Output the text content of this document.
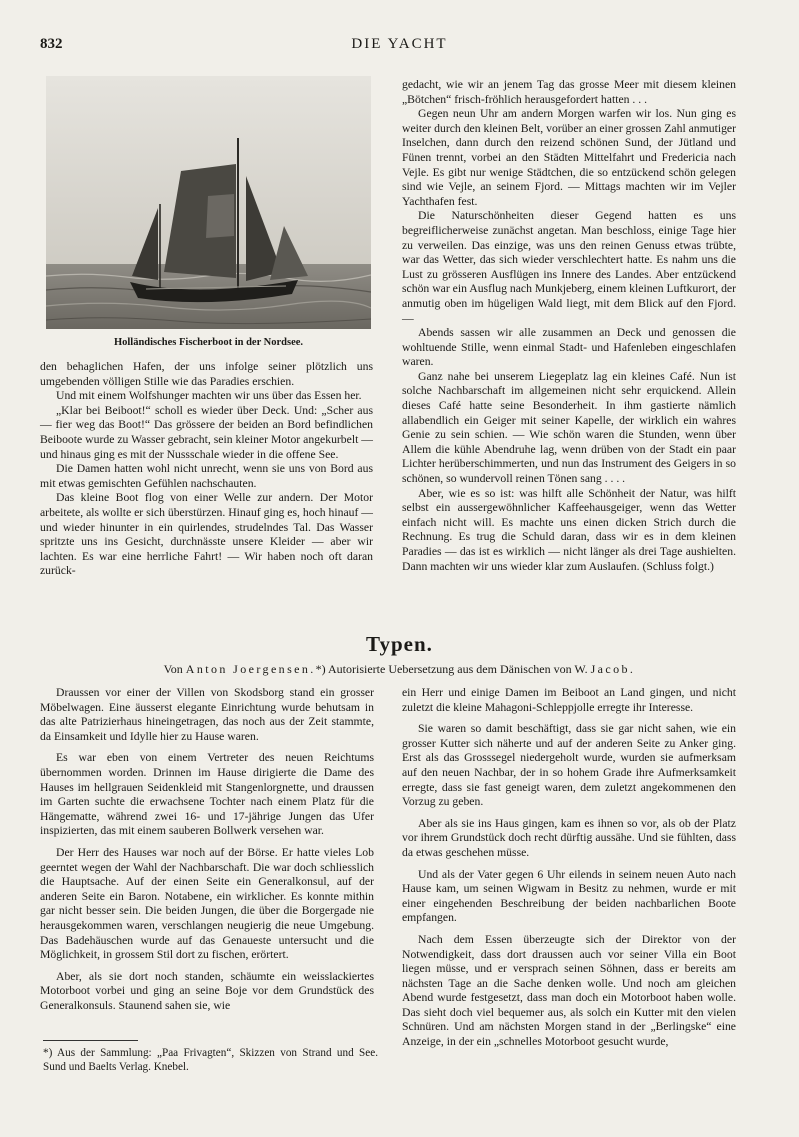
832	DIE YACHT
Holländisches Fischerboot in der Nordsee.

den behaglichen Hafen, der uns infolge seiner plötzlich uns umgebenden völligen Stille wie das Paradies erschien.

Und mit einem Wolfshunger machten wir uns über das Essen her.

„Klar bei Beiboot!“ scholl es wieder über Deck. Und: „Scher aus — fier weg das Boot!“ Das grössere der beiden an Bord befindlichen Beiboote wurde zu Wasser gebracht, sein kleiner Motor angekurbelt — und hinaus ging es mit der Nussschale wieder in die offene See.

Die Damen hatten wohl nicht unrecht, wenn sie uns von Bord aus mit etwas gemischten Gefühlen nachschauten.

Das kleine Boot flog von einer Welle zur andern. Der Motor arbeitete, als wollte er sich überstürzen. Hinauf ging es, hoch hinauf — und wieder hinunter in ein quirlendes, strudelndes Tal. Das Wasser spritzte uns ins Gesicht, durchnässte unsere Kleider — aber wir lachten. Es war eine herrliche Fahrt! — Wir haben noch oft daran zurück-

gedacht, wie wir an jenem Tag das grosse Meer mit diesem kleinen „Bötchen“ frisch-fröhlich herausgefordert hatten . . .

Gegen neun Uhr am andern Morgen warfen wir los. Nun ging es weiter durch den kleinen Belt, vorüber an einer grossen Zahl anmutiger Inselchen, dann durch den reizend schönen Sund, der Jütland und Fünen trennt, vorbei an den Städten Mittelfahrt und Fredericia nach Vejle. Es gibt nur wenige Städtchen, die so entzückend schön gelegen sind wie Vejle, an seinem Fjord. — Mittags machten wir im Vejler Yachthafen fest.

Die Naturschönheiten dieser Gegend hatten es uns begreiflicherweise zunächst angetan. Man beschloss, einige Tage hier zu verweilen. Das einzige, was uns den reinen Genuss etwas trübte, war das Wetter, das sich wieder verschlechtert hatte. Es nahm uns die Lust zu grösseren Ausflügen ins Innere des Landes. Aber entzückend schön war ein Ausflug nach Munkjeberg, einem kleinen Luftkurort, der anmutig oben im hügeligen Wald liegt, mit dem Blick auf den Fjord. —

Abends sassen wir alle zusammen an Deck und genossen die wohltuende Stille, wenn einmal Stadt- und Hafenleben eingeschlafen waren.

Ganz nahe bei unserem Liegeplatz lag ein kleines Café. Nun ist solche Nachbarschaft im allgemeinen nicht sehr erquickend. Allein dieses Café hatte seine Besonderheit. In ihm gastierte nämlich allabendlich ein Geiger mit seiner Kapelle, der wirklich ein wahres Genie zu sein schien. — Wie schön waren die Stunden, wenn über Allem die kühle Abendruhe lag, wenn drüben von der Stadt ein paar Lichter herüberschimmerten, und nun das Instrument des Geigers in so schönen, so wundervoll reinen Tönen sang . . . .

Aber, wie es so ist: was hilft alle Schönheit der Natur, was hilft selbst ein aussergewöhnlicher Kaffeehausgeiger, wenn das Wetter einfach nicht will. Es machte uns einen dicken Strich durch die Rechnung. Es trug die Schuld daran, dass wir es in dem kleinen Paradies — das ist es wirklich — nicht länger als drei Tage aushielten. Dann machten wir uns wieder klar zum Auslaufen. (Schluss folgt.)

Typen.
Von Anton Joergensen.*) Autorisierte Uebersetzung aus dem Dänischen von W. Jacob.

Draussen vor einer der Villen von Skodsborg stand ein grosser Möbelwagen. Eine äusserst elegante Einrichtung wurde behutsam in das alte Patrizierhaus hineingetragen, das noch aus der Zeit stammte, da Einsamkeit und Idylle hier zu Hause waren.

Es war eben von einem Vertreter des neuen Reichtums übernommen worden. Drinnen im Hause dirigierte die Dame des Hauses im hellgrauen Seidenkleid mit Stangenlorgnette, und draussen im Garten suchte die erwachsene Tochter nach einem Platz für die Hängematte, während zwei 16- und 17-jährige Jungen das Ufer inspizierten, das mit einem sauberen Bollwerk versehen war.

Der Herr des Hauses war noch auf der Börse. Er hatte vieles Lob geerntet wegen der Wahl der Nachbarschaft. Die war doch schliesslich die Hauptsache. Auf der einen Seite ein Generalkonsul, auf der anderen Seite ein Baron. Notabene, ein wirklicher. Es konnte mithin gar nicht besser sein. Die beiden Jungen, die über die Borgergade nie herausgekommen waren, verschlangen neugierig die neue Umgebung. Das Badehäuschen wurde auf das Genaueste untersucht und die Möglichkeit, in grossem Stil dort zu fischen, erörtert.

Aber, als sie dort noch standen, schäumte ein weisslackiertes Motorboot vorbei und ging an seine Boje vor dem Grundstück des Generalkonsuls. Staunend sahen sie, wie

*) Aus der Sammlung: „Paa Frivagten“, Skizzen von Strand und See. Sund und Baelts Verlag. Knebel.

ein Herr und einige Damen im Beiboot an Land gingen, und nicht zuletzt die kleine Mahagoni-Schleppjolle erregte ihr Interesse.

Sie waren so damit beschäftigt, dass sie gar nicht sahen, wie ein grosser Kutter sich näherte und auf der anderen Seite zu Anker ging. Erst als das Grosssegel niedergeholt wurde, wurden sie aufmerksam auf den neuen Nachbar, der in so hohem Grade ihre Aufmerksamkeit erregte, dass sie fast geneigt waren, dem zuletzt angekommenen den Vorzug zu geben.

Aber als sie ins Haus gingen, kam es ihnen so vor, als ob der Platz vor ihrem Grundstück doch recht dürftig aussähe. Und sie fühlten, dass da etwas geschehen müsse.

Und als der Vater gegen 6 Uhr eilends in seinem neuen Auto nach Hause kam, um seinen Wigwam in Besitz zu nehmen, wurde er mit einer eingehenden Beschreibung der beiden nachbarlichen Boote empfangen.

Nach dem Essen überzeugte sich der Direktor von der Notwendigkeit, dass dort draussen auch vor seiner Villa ein Boot liegen müsse, und er versprach seinen Söhnen, dass er bereits am nächsten Tage an die Sache denken wolle. Und noch am gleichen Abend wurde festgesetzt, dass man doch ein Motorboot haben wolle. Das sieht doch viel bequemer aus, als solch ein Kutter mit den vielen Schnüren. Und am nächsten Morgen stand in der „Berlingske“ eine Anzeige, in der ein „schnelles Motorboot gesucht wurde,
